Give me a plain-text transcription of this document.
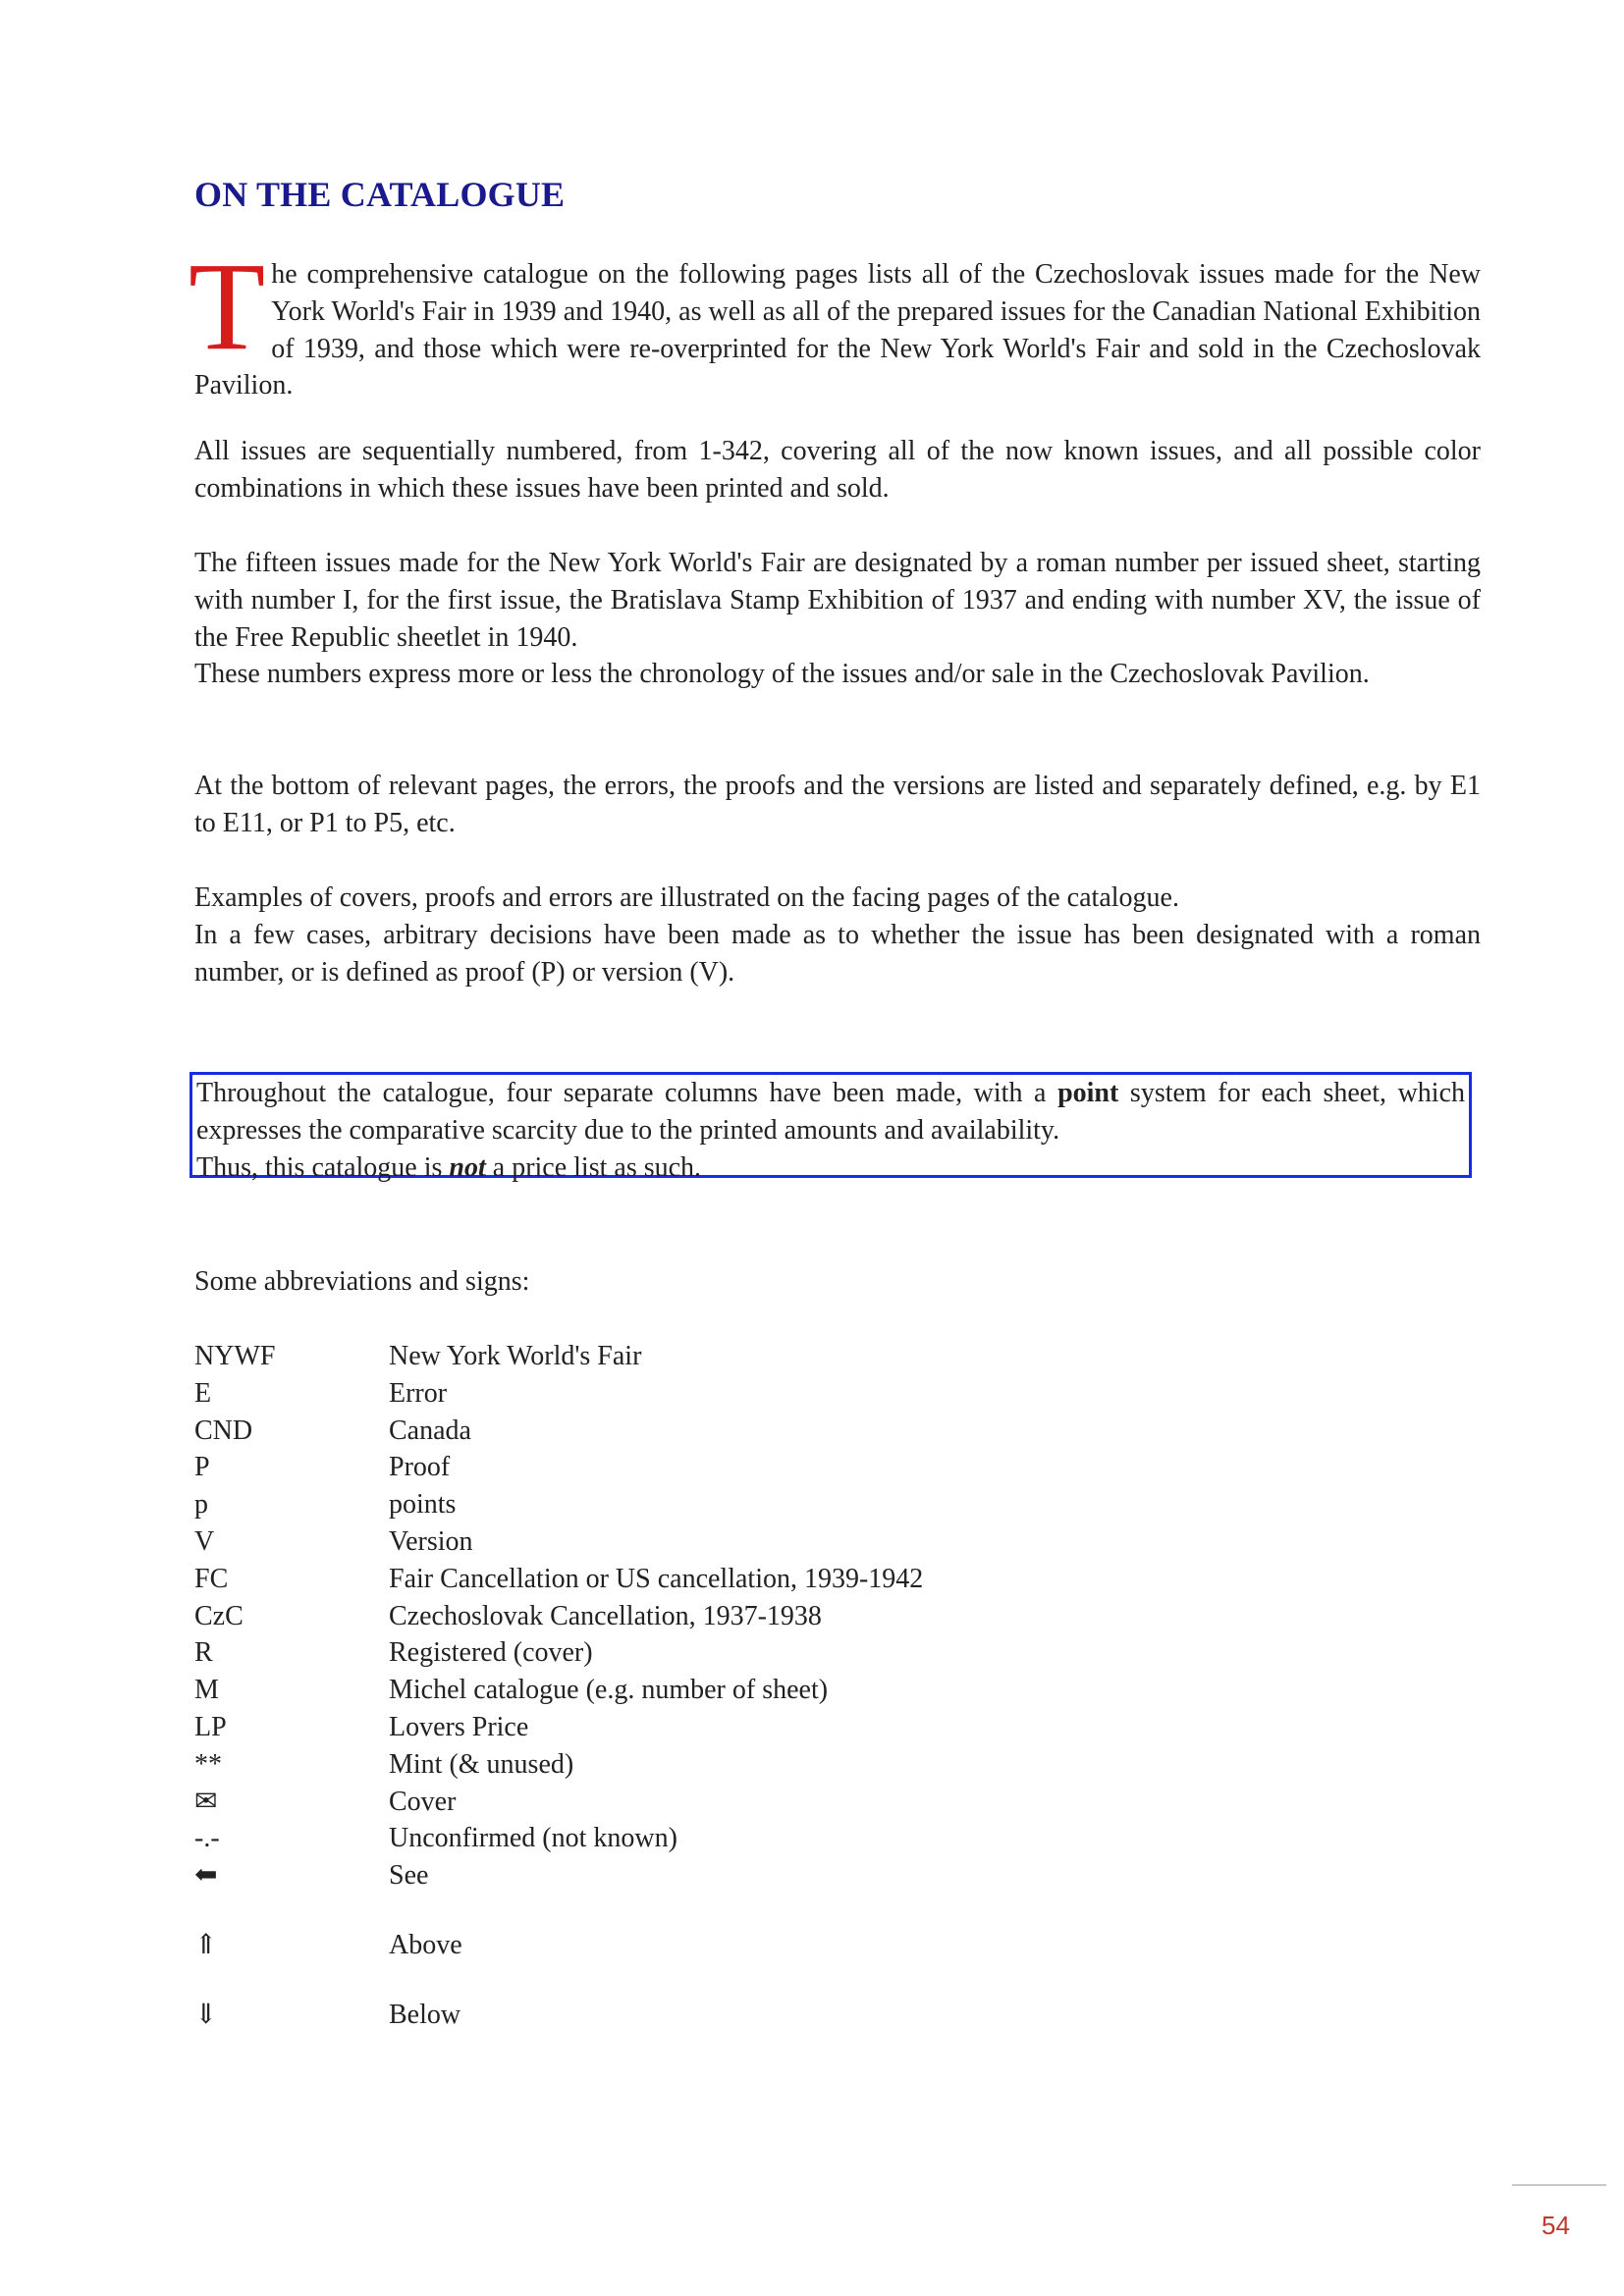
ON THE CATALOGUE
The comprehensive catalogue on the following pages lists all of the Czechoslovak issues made for the New York World's Fair in 1939 and 1940, as well as all of the prepared issues for the Canadian National Exhibition of 1939, and those which were re-overprinted for the New York World's Fair and sold in the Czechoslovak Pavilion.

All issues are sequentially numbered, from 1-342, covering all of the now known issues, and all possible color combinations in which these issues have been printed and sold.

The fifteen issues made for the New York World's Fair are designated by a roman number per issued sheet, starting with number I, for the first issue, the Bratislava Stamp Exhibition of 1937 and ending with number XV, the issue of the Free Republic sheetlet in 1940.

These numbers express more or less the chronology of the issues and/or sale in the Czechoslovak Pavilion.

At the bottom of relevant pages, the errors, the proofs and the versions are listed and separately defined, e.g. by E1 to E11, or P1 to P5, etc.

Examples of covers, proofs and errors are illustrated on the facing pages of the catalogue.

In a few cases, arbitrary decisions have been made as to whether the issue has been designated with a roman number, or is defined as proof (P) or version (V).

Throughout the catalogue, four separate columns have been made, with a point system for each sheet, which expresses the comparative scarcity due to the printed amounts and availability.

Thus, this catalogue is not a price list as such.

Some abbreviations and signs:

NYWF	New York World's Fair
E	Error
CND	Canada
P	Proof
p	points
V	Version
FC	Fair Cancellation or US cancellation, 1939-1942
CzC	Czechoslovak Cancellation, 1937-1938
R	Registered (cover)
M	Michel catalogue (e.g. number of sheet)
LP	Lovers Price
**	Mint (& unused)
✉	Cover
-.-	Unconfirmed (not known)
⬅	See
⇑	Above
⇓	Below
54
